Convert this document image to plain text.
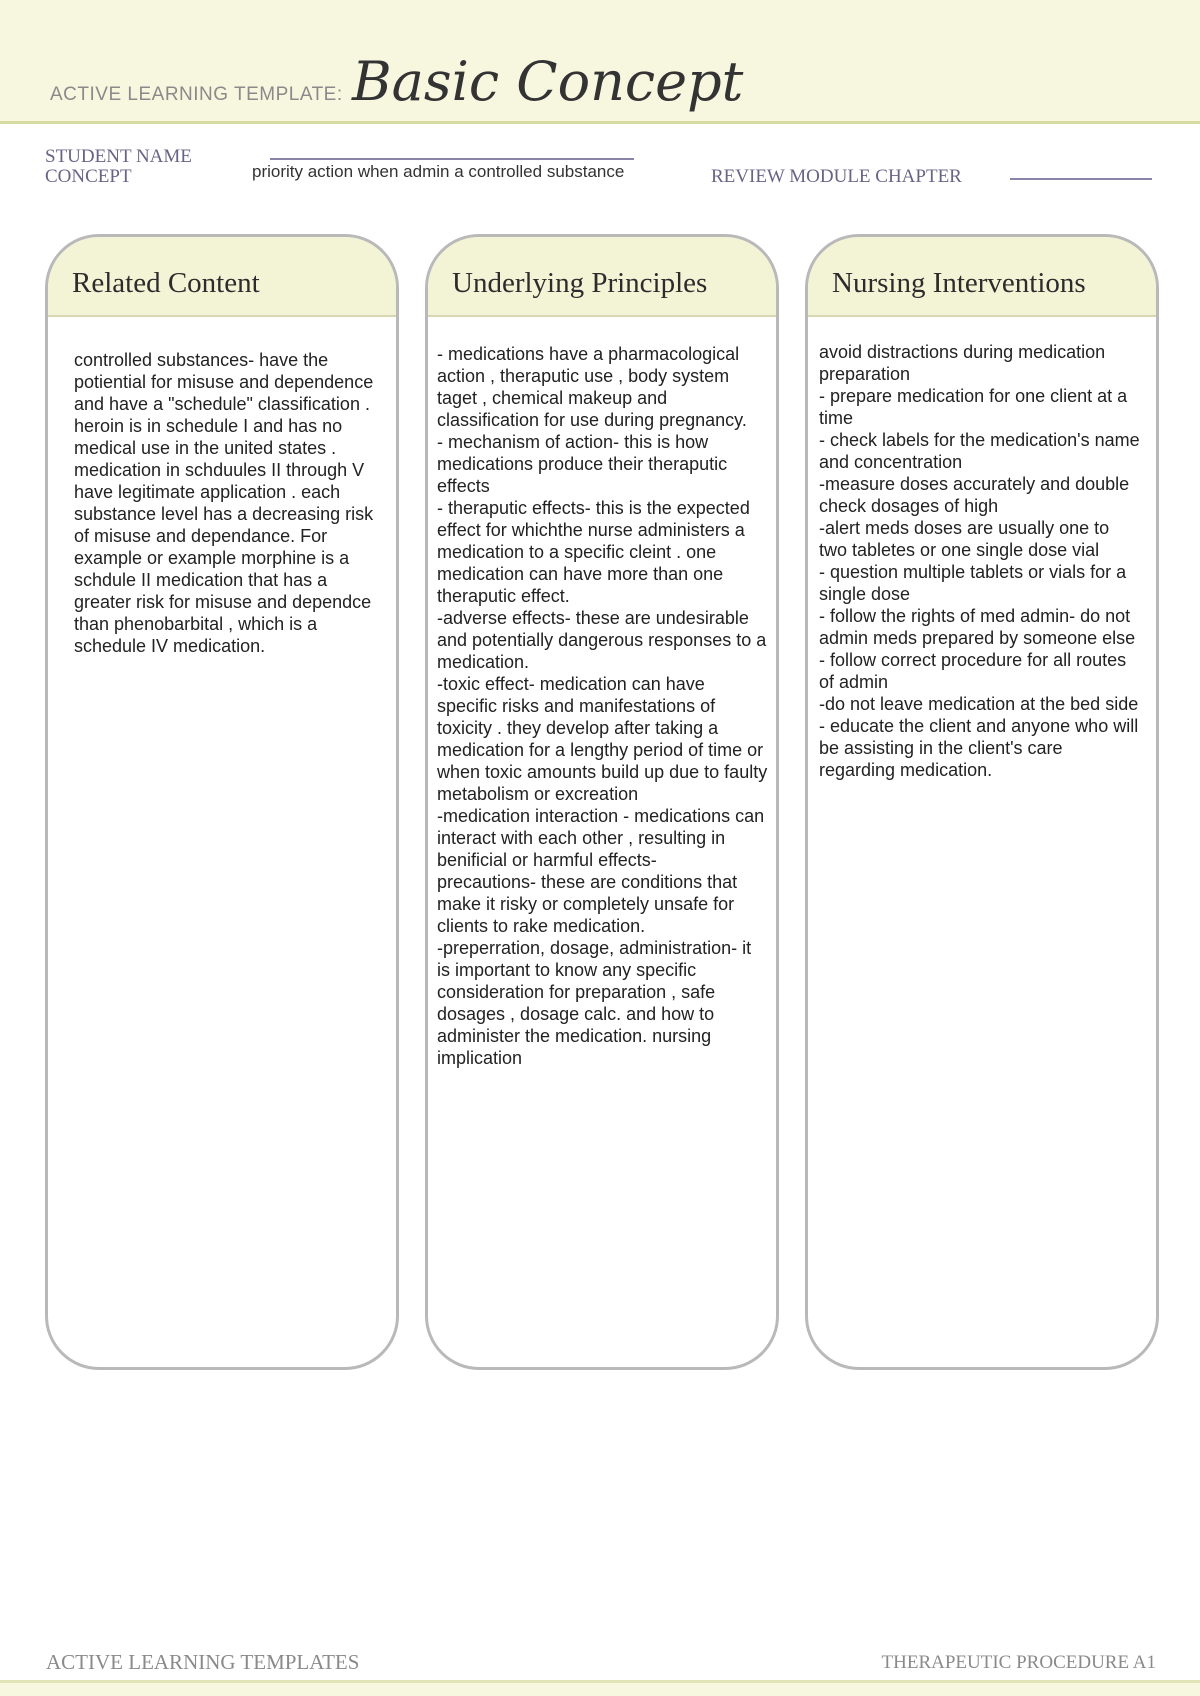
ACTIVE LEARNING TEMPLATE: Basic Concept
STUDENT NAME
CONCEPT	priority action when admin a controlled substance	REVIEW MODULE CHAPTER
Related Content
controlled substances- have the potiential for misuse and dependence and have a "schedule" classification . heroin is in schedule I and has no medical use in the united states . medication in schduules II through V have legitimate application . each substance level has a decreasing risk of misuse and dependance. For example or example morphine is a schdule II medication that has a greater risk for misuse and dependce than phenobarbital , which is a schedule IV medication.
Underlying Principles
- medications have a pharmacological action , theraputic use , body system taget , chemical makeup and classification for use during pregnancy.
- mechanism of action- this is how medications produce their theraputic effects
- theraputic effects- this is the expected effect for whichthe nurse administers a medication to a specific cleint . one medication can have more than one theraputic effect.
-adverse effects- these are undesirable and potentially dangerous responses to a medication.
-toxic effect- medication can have specific risks and manifestations of toxicity . they develop after taking a medication for a lengthy period of time or when toxic amounts build up due to faulty metabolism or excreation
-medication interaction - medications can interact with each other , resulting in benificial or harmful effects-
precautions- these are conditions that make it risky or completely unsafe for clients to rake medication.
-preperration, dosage, administration- it is important to know any specific consideration for preparation , safe dosages , dosage calc. and how to administer the medication. nursing implication
Nursing Interventions
avoid distractions during medication preparation
- prepare medication for one client at a time
- check labels for the medication's name and concentration
-measure doses accurately and double check dosages of high
-alert meds doses are usually one to two tabletes or one single dose vial
- question multiple tablets or vials for a single dose
- follow the rights of med admin- do not admin meds prepared by someone else
- follow correct procedure for all routes of admin
-do not leave medication at the bed side
- educate the client and anyone who will be assisting in the client's care regarding medication.
ACTIVE LEARNING TEMPLATES	THERAPEUTIC PROCEDURE A1
